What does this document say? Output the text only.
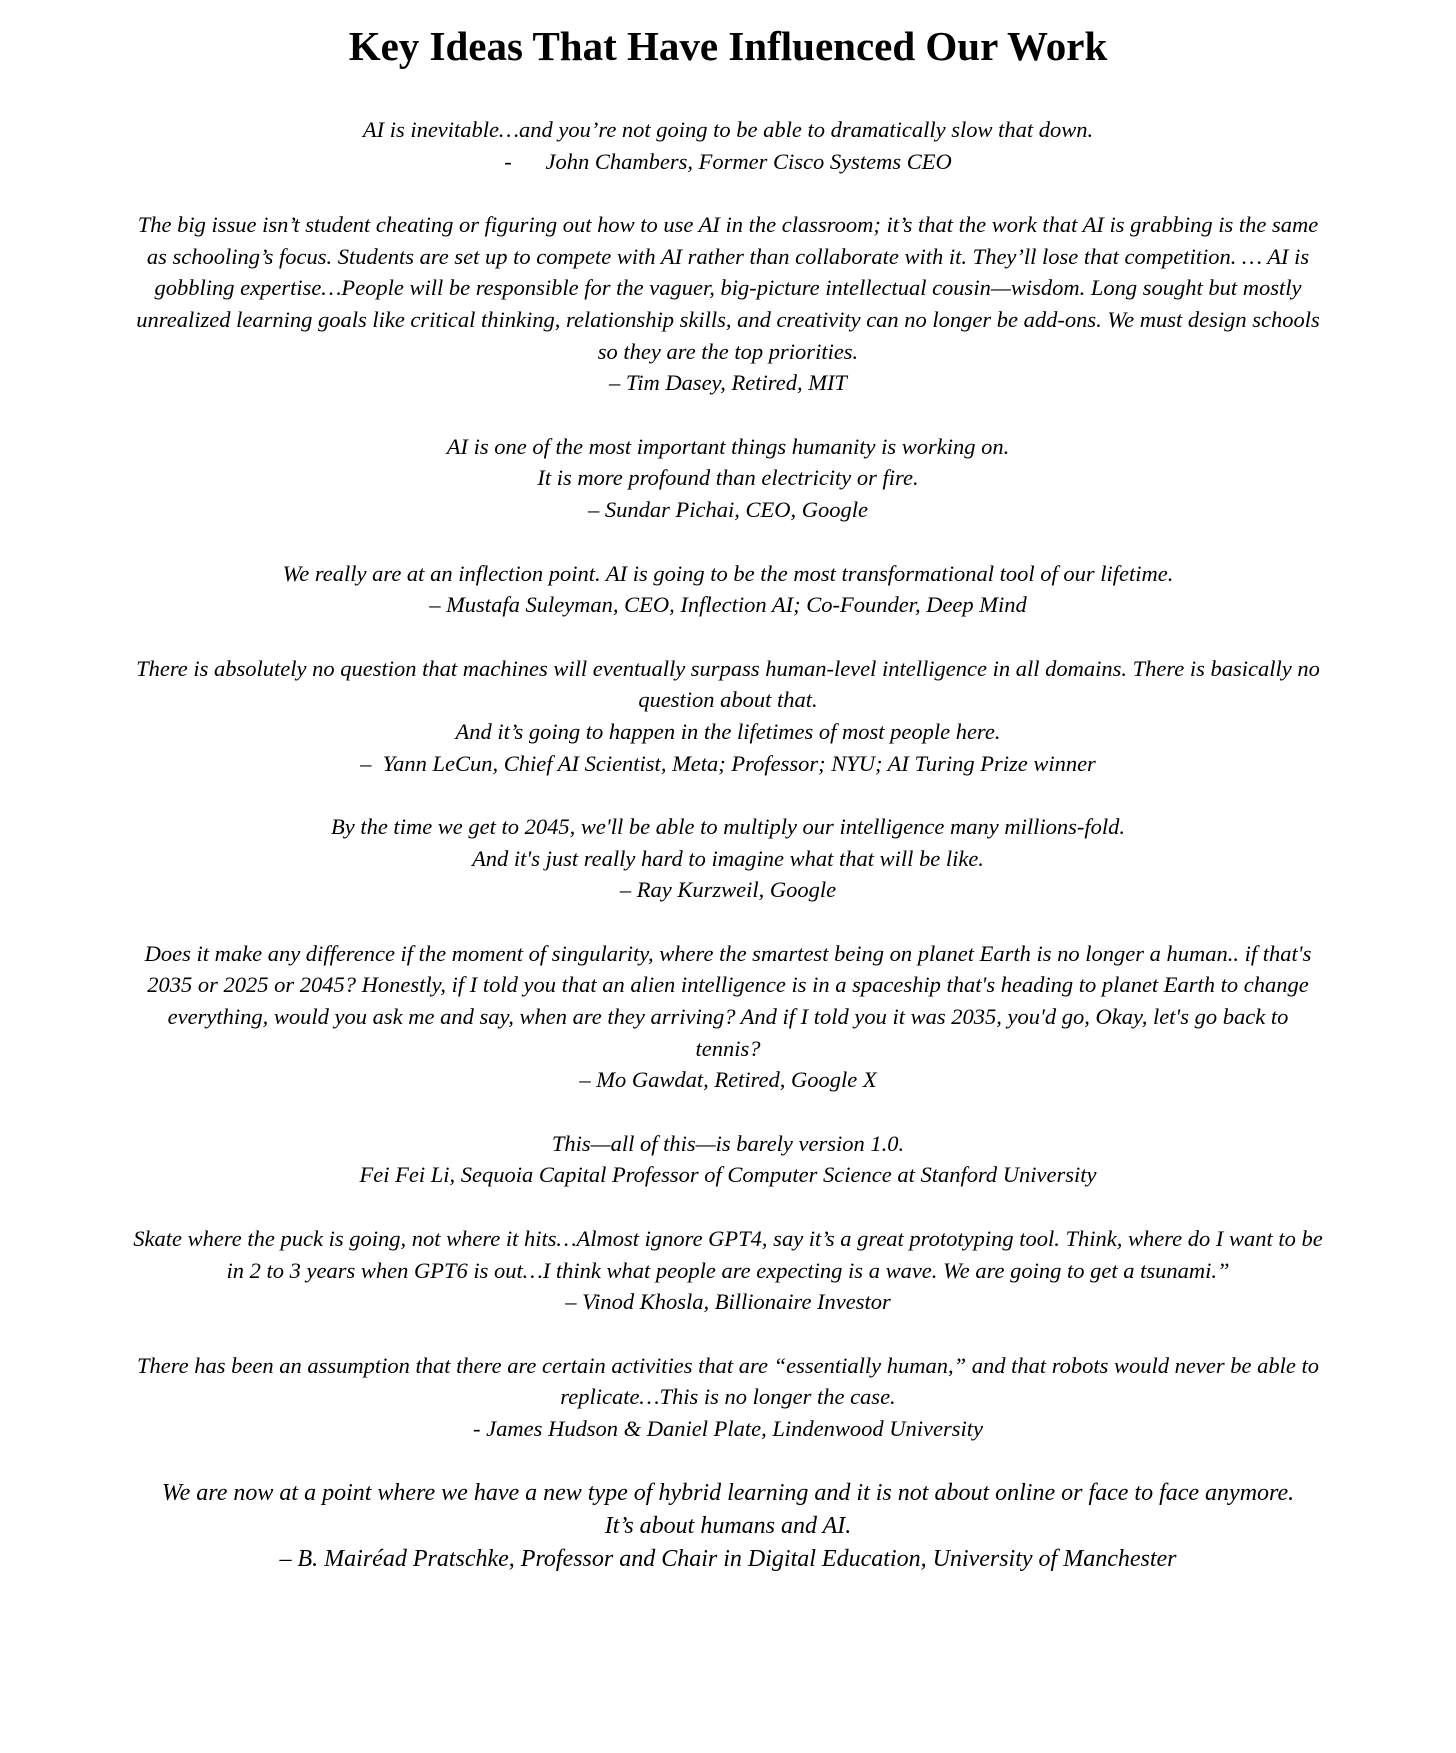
Key Ideas That Have Influenced Our Work
AI is inevitable…and you’re not going to be able to dramatically slow that down.
-      John Chambers, Former Cisco Systems CEO
The big issue isn’t student cheating or figuring out how to use AI in the classroom; it’s that the work that AI is grabbing is the same as schooling’s focus. Students are set up to compete with AI rather than collaborate with it. They’ll lose that competition. … AI is gobbling expertise…People will be responsible for the vaguer, big-picture intellectual cousin—wisdom. Long sought but mostly unrealized learning goals like critical thinking, relationship skills, and creativity can no longer be add-ons. We must design schools so they are the top priorities.
– Tim Dasey, Retired, MIT
AI is one of the most important things humanity is working on.
It is more profound than electricity or fire.
– Sundar Pichai, CEO, Google
We really are at an inflection point. AI is going to be the most transformational tool of our lifetime.
– Mustafa Suleyman, CEO, Inflection AI; Co-Founder, Deep Mind
There is absolutely no question that machines will eventually surpass human-level intelligence in all domains. There is basically no question about that.
And it’s going to happen in the lifetimes of most people here.
–  Yann LeCun, Chief AI Scientist, Meta; Professor; NYU; AI Turing Prize winner
By the time we get to 2045, we'll be able to multiply our intelligence many millions-fold.
And it's just really hard to imagine what that will be like.
– Ray Kurzweil, Google
Does it make any difference if the moment of singularity, where the smartest being on planet Earth is no longer a human.. if that's 2035 or 2025 or 2045? Honestly, if I told you that an alien intelligence is in a spaceship that's heading to planet Earth to change everything, would you ask me and say, when are they arriving? And if I told you it was 2035, you'd go, Okay, let's go back to tennis?
– Mo Gawdat, Retired, Google X
This—all of this—is barely version 1.0.
Fei Fei Li, Sequoia Capital Professor of Computer Science at Stanford University
Skate where the puck is going, not where it hits…Almost ignore GPT4, say it’s a great prototyping tool. Think, where do I want to be in 2 to 3 years when GPT6 is out…I think what people are expecting is a wave. We are going to get a tsunami.”
– Vinod Khosla, Billionaire Investor
There has been an assumption that there are certain activities that are “essentially human,” and that robots would never be able to replicate…This is no longer the case.
- James Hudson & Daniel Plate, Lindenwood University
We are now at a point where we have a new type of hybrid learning and it is not about online or face to face anymore. It’s about humans and AI.
– B. Mairéad Pratschke, Professor and Chair in Digital Education, University of Manchester
